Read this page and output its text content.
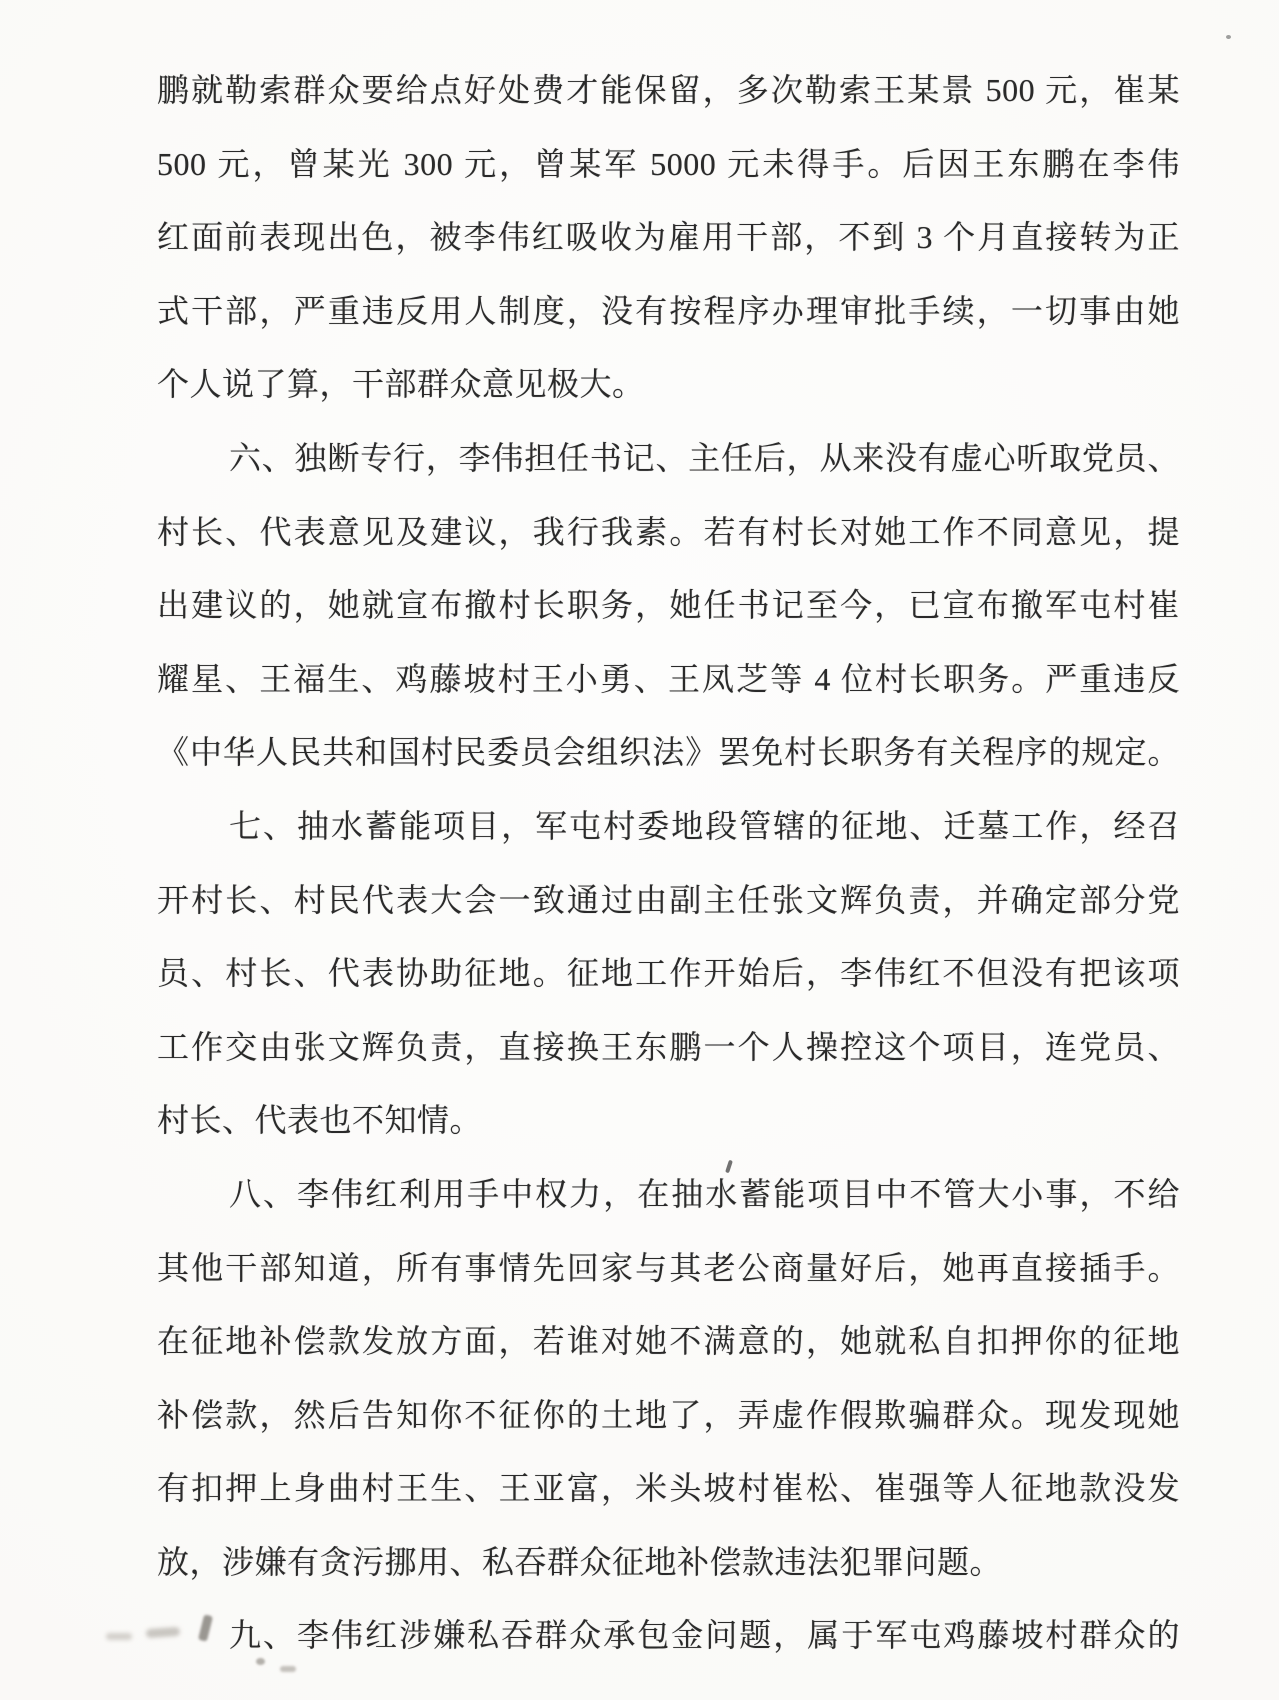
鹏就勒索群众要给点好处费才能保留，多次勒索王某景 500 元，崔某
500 元，曾某光 300 元，曾某军 5000 元未得手。后因王东鹏在李伟
红面前表现出色，被李伟红吸收为雇用干部，不到 3 个月直接转为正
式干部，严重违反用人制度，没有按程序办理审批手续，一切事由她
个人说了算，干部群众意见极大。
六、独断专行，李伟担任书记、主任后，从来没有虚心听取党员、
村长、代表意见及建议，我行我素。若有村长对她工作不同意见，提
出建议的，她就宣布撤村长职务，她任书记至今，已宣布撤军屯村崔
耀星、王福生、鸡藤坡村王小勇、王凤芝等 4 位村长职务。严重违反
《中华人民共和国村民委员会组织法》罢免村长职务有关程序的规定。
七、抽水蓄能项目，军屯村委地段管辖的征地、迁墓工作，经召
开村长、村民代表大会一致通过由副主任张文辉负责，并确定部分党
员、村长、代表协助征地。征地工作开始后，李伟红不但没有把该项
工作交由张文辉负责，直接换王东鹏一个人操控这个项目，连党员、
村长、代表也不知情。
八、李伟红利用手中权力，在抽水蓄能项目中不管大小事，不给
其他干部知道，所有事情先回家与其老公商量好后，她再直接插手。
在征地补偿款发放方面，若谁对她不满意的，她就私自扣押你的征地
补偿款，然后告知你不征你的土地了，弄虚作假欺骗群众。现发现她
有扣押上身曲村王生、王亚富，米头坡村崔松、崔强等人征地款没发
放，涉嫌有贪污挪用、私吞群众征地补偿款违法犯罪问题。
九、李伟红涉嫌私吞群众承包金问题，属于军屯鸡藤坡村群众的
